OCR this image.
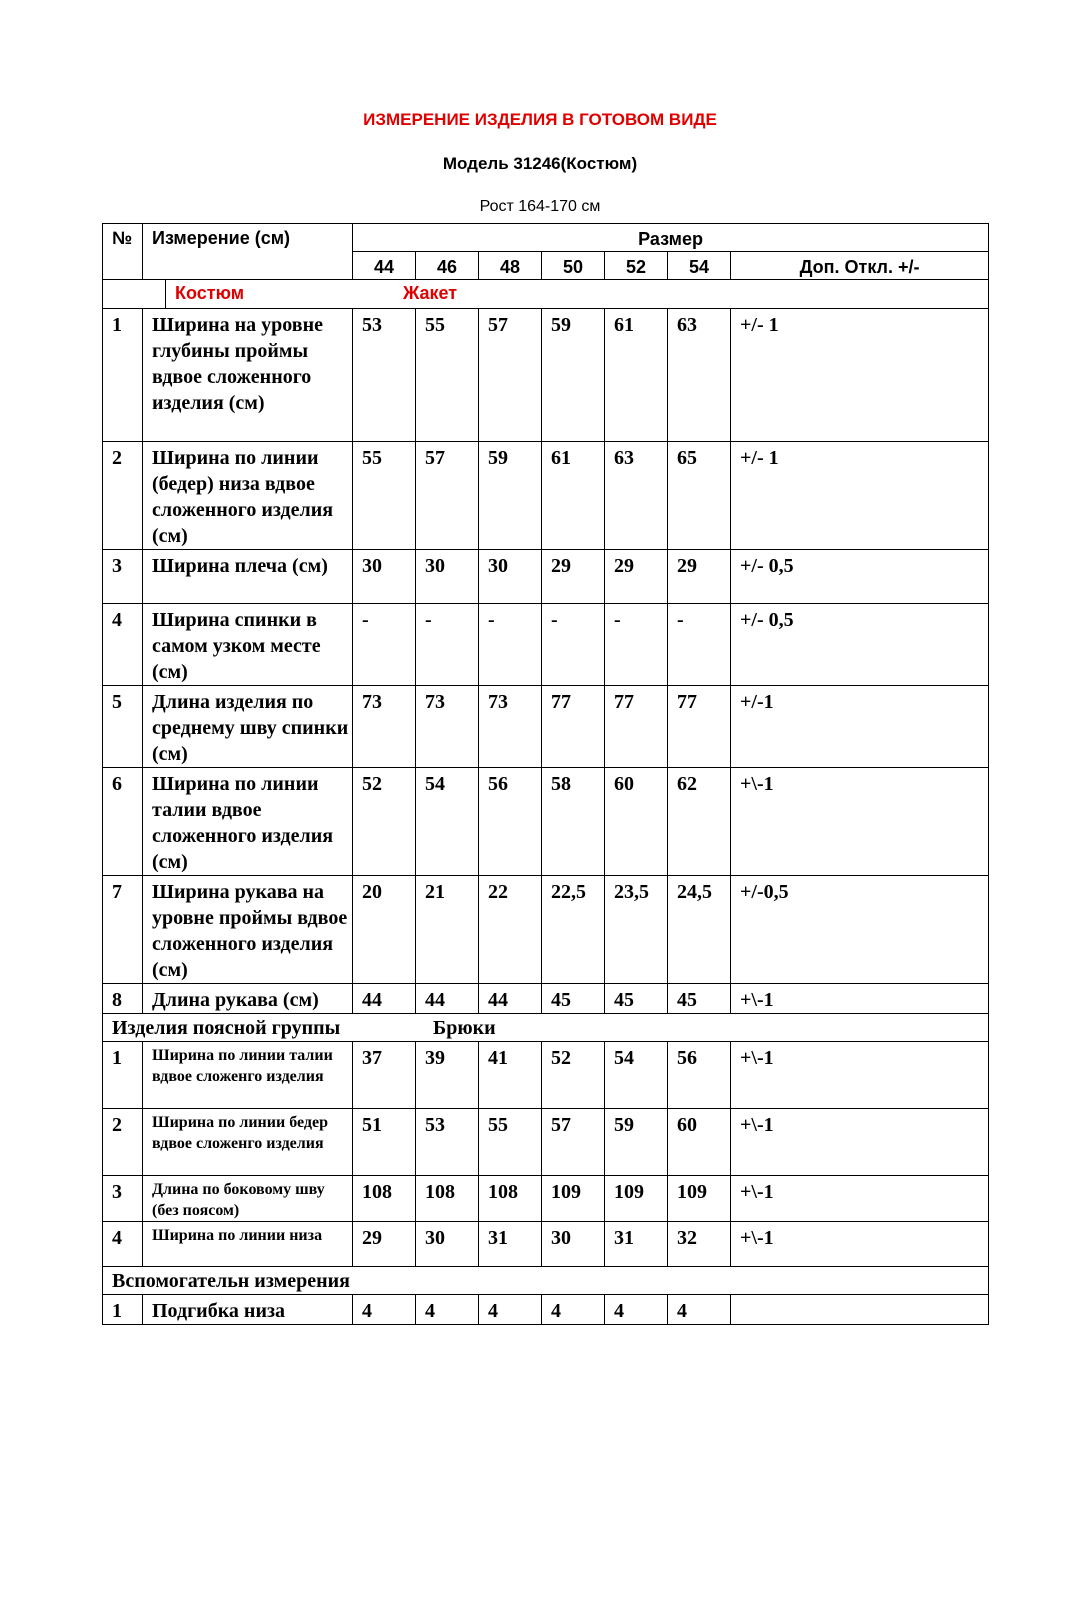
ИЗМЕРЕНИЕ ИЗДЕЛИЯ В ГОТОВОМ ВИДЕ
Модель 31246(Костюм)
Рост 164-170 см
№	Измерение (см)	Размер						
		44	46	48	50	52	54	Доп. Откл. +/-

Костюм Жакет								

1	Ширина на уровне глубины проймы вдвое сложенного изделия (см)	53	55	57	59	61	63	+/- 1
2	Ширина по линии (бедер) низа вдвое сложенного изделия (см)	55	57	59	61	63	65	+/- 1
3	Ширина плеча (см)	30	30	30	29	29	29	+/- 0,5
4	Ширина спинки в самом узком месте (см)	-	-	-	-	-	-	+/- 0,5
5	Длина изделия по среднему шву спинки (см)	73	73	73	77	77	77	+/-1
6	Ширина по линии талии вдвое сложенного изделия (см)	52	54	56	58	60	62	+\-1
7	Ширина рукава на уровне проймы вдвое сложенного изделия (см)	20	21	22	22,5	23,5	24,5	+/-0,5
8	Длина рукава (см)	44	44	44	45	45	45	+\-1

Изделия поясной группы Брюки								

1	Ширина по линии талии вдвое сложенго изделия	37	39	41	52	54	56	+\-1
2	Ширина по линии бедер вдвое сложенго изделия	51	53	55	57	59	60	+\-1
3	Длина по боковому шву (без поясом)	108	108	108	109	109	109	+\-1
4	Ширина по линии низа	29	30	31	30	31	32	+\-1

Вспомогательн измерения								

1	Подгибка низа	4	4	4	4	4	4	
